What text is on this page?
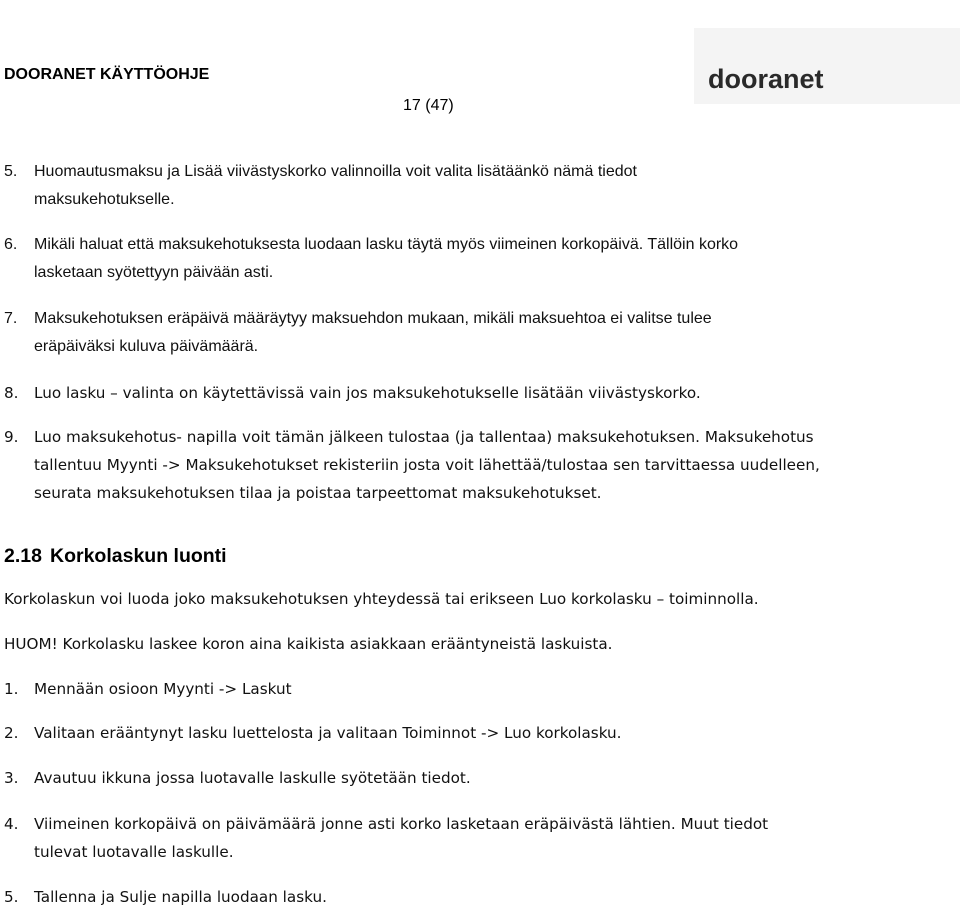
DOORANET KÄYTTÖOHJE
17 (47)
dooranet
5.	Huomautusmaksu ja Lisää viivästyskorko valinnoilla voit valita lisätäänkö nämä tiedot
maksukehotukselle.
6.	Mikäli haluat että maksukehotuksesta luodaan lasku täytä myös viimeinen korkopäivä. Tällöin korko
lasketaan syötettyyn päivään asti.
7.	Maksukehotuksen eräpäivä määräytyy maksuehdon mukaan, mikäli maksuehtoa ei valitse tulee
eräpäiväksi kuluva päivämäärä.
8.	Luo lasku – valinta on käytettävissä vain jos maksukehotukselle lisätään viivästyskorko.
9.	Luo maksukehotus- napilla voit tämän jälkeen tulostaa (ja tallentaa) maksukehotuksen. Maksukehotus
tallentuu Myynti -> Maksukehotukset rekisteriin josta voit lähettää/tulostaa sen tarvittaessa uudelleen,
seurata maksukehotuksen tilaa ja poistaa tarpeettomat maksukehotukset.
2.18 Korkolaskun luonti
Korkolaskun voi luoda joko maksukehotuksen yhteydessä tai erikseen Luo korkolasku – toiminnolla.
HUOM! Korkolasku laskee koron aina kaikista asiakkaan erääntyneistä laskuista.
1.	Mennään osioon Myynti -> Laskut
2.	Valitaan erääntynyt lasku luettelosta ja valitaan Toiminnot -> Luo korkolasku.
3.	Avautuu ikkuna jossa luotavalle laskulle syötetään tiedot.
4.	Viimeinen korkopäivä on päivämäärä jonne asti korko lasketaan eräpäivästä lähtien. Muut tiedot
tulevat luotavalle laskulle.
5.	Tallenna ja Sulje napilla luodaan lasku.
